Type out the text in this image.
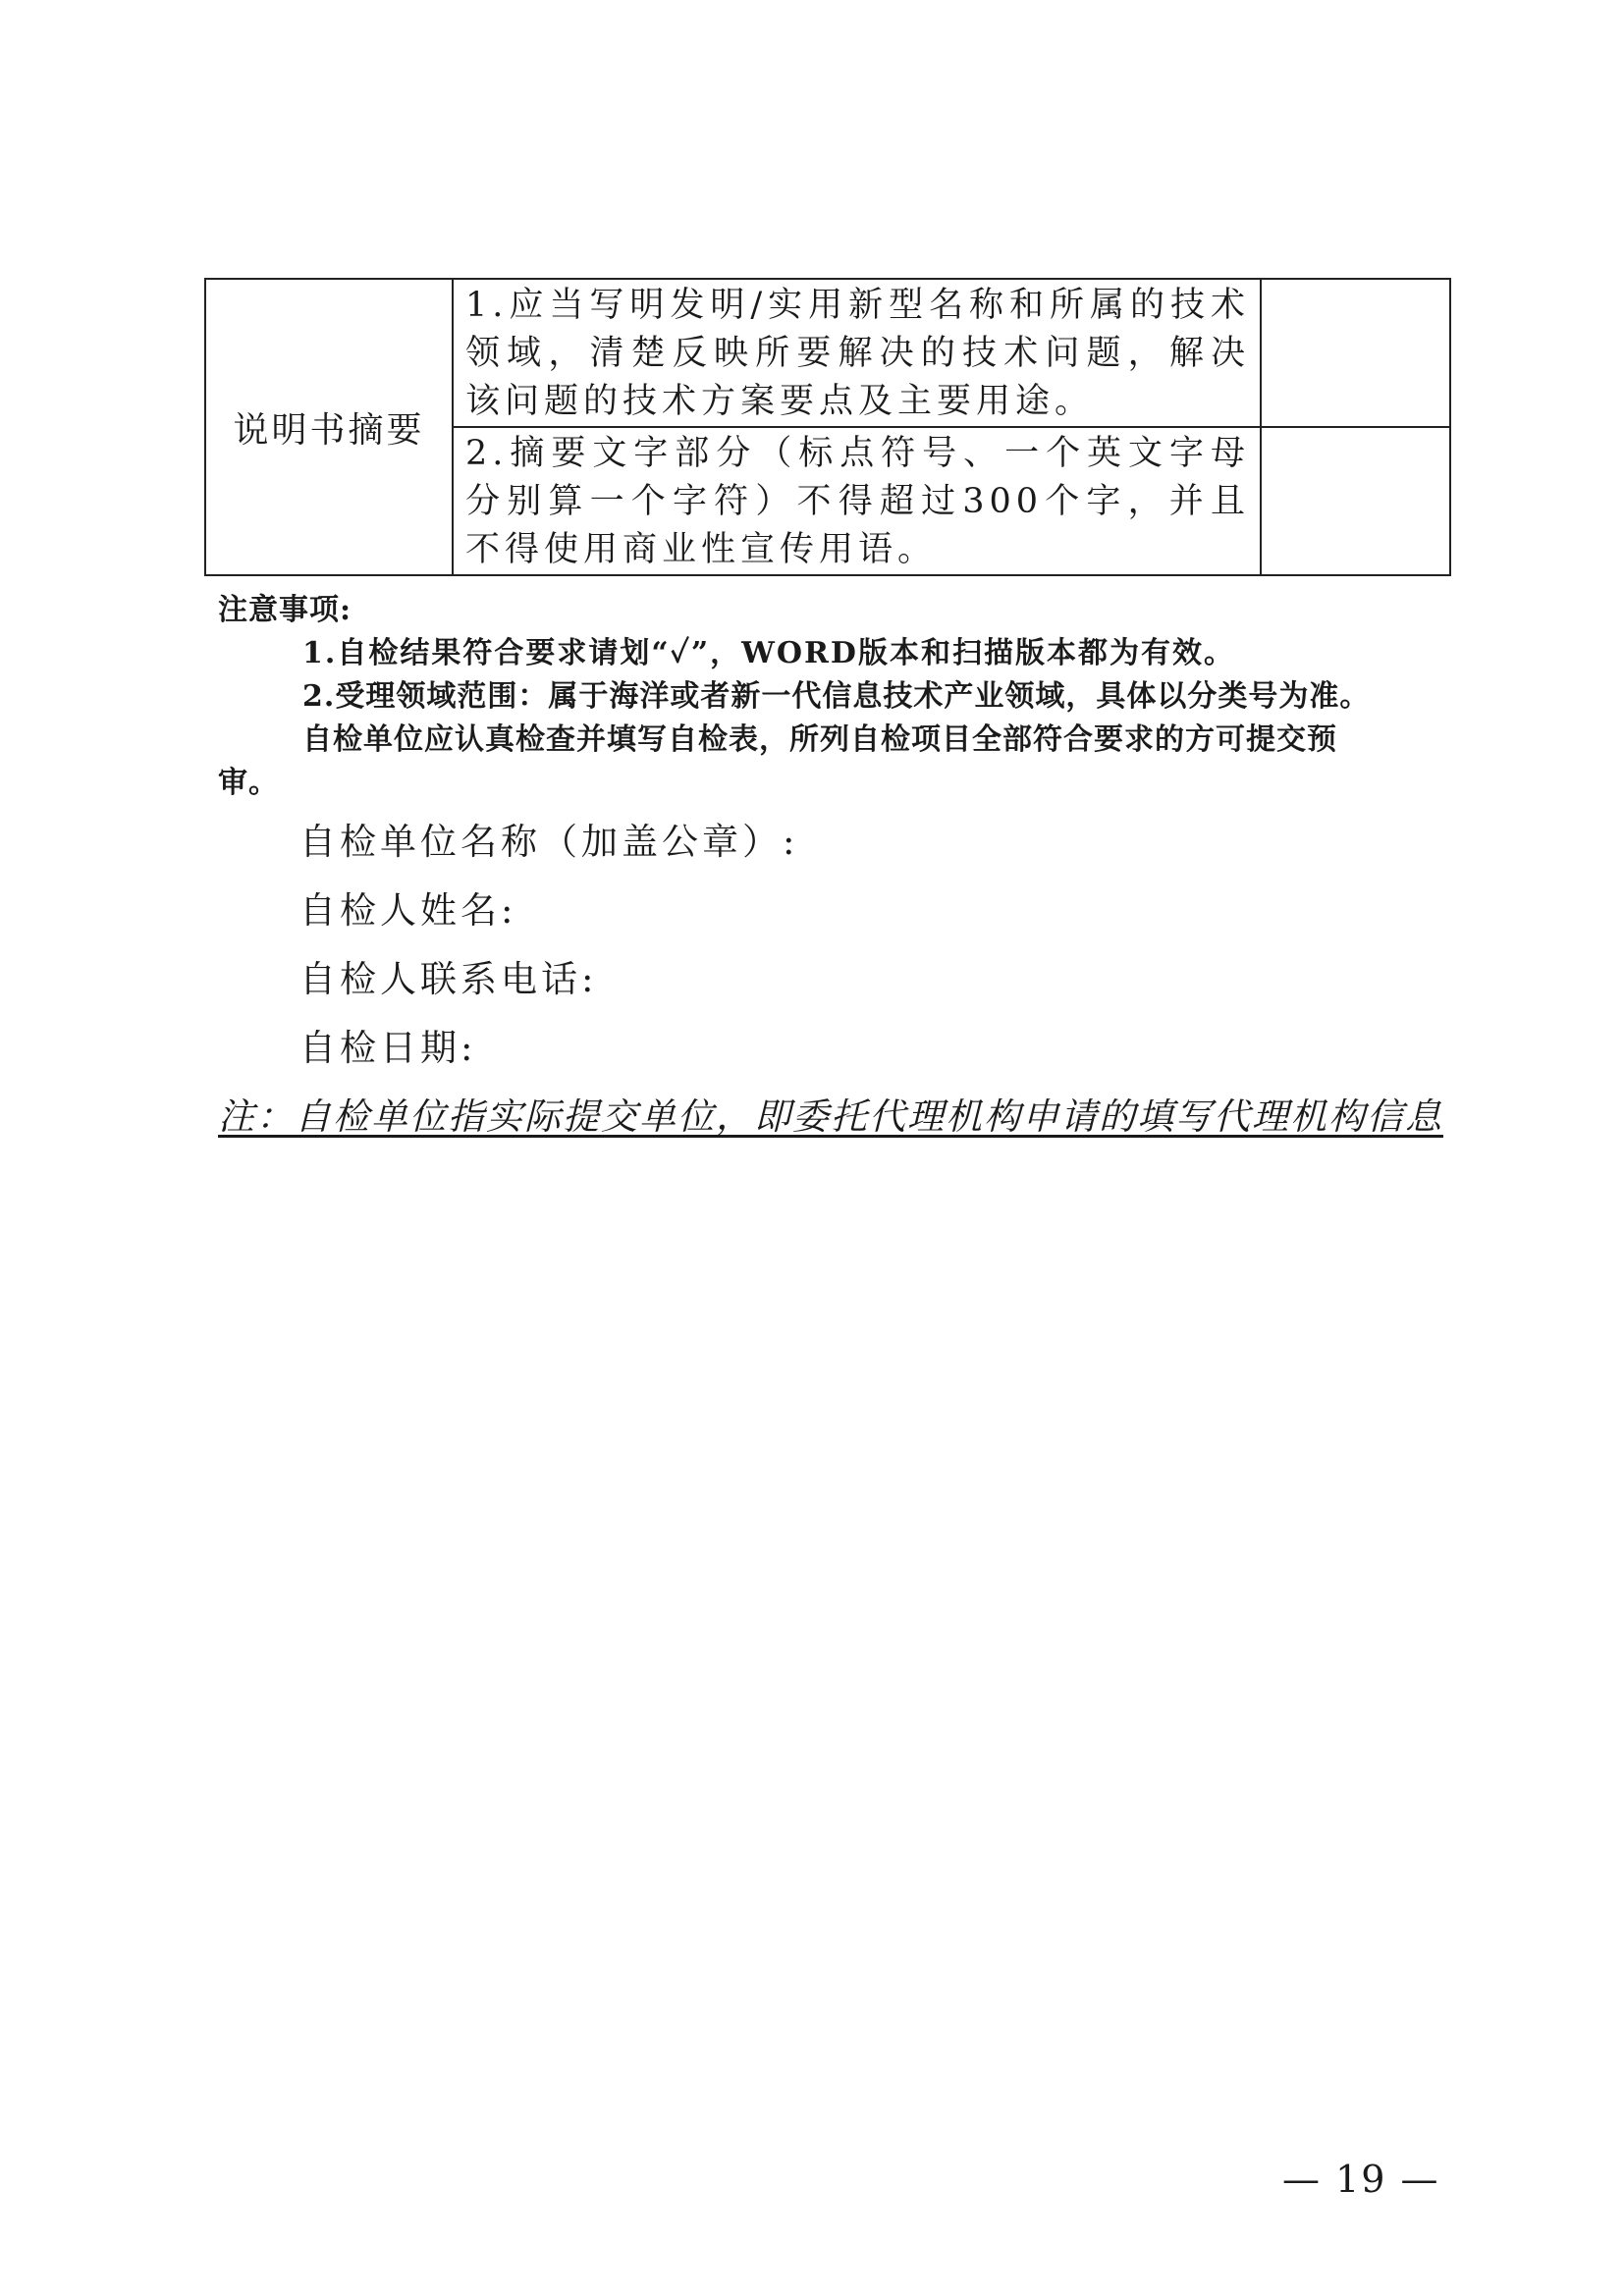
说明书摘要	1.应当写明发明/实用新型名称和所属的技术领域，清楚反映所要解决的技术问题，解决该问题的技术方案要点及主要用途。	

	2.摘要文字部分（标点符号、一个英文字母分别算一个字符）不得超过300个字，并且不得使用商业性宣传用语。	

注意事项:
1.自检结果符合要求请划“✓”，WORD版本和扫描版本都为有效。
2.受理领域范围：属于海洋或者新一代信息技术产业领域，具体以分类号为准。
自检单位应认真检查并填写自检表，所列自检项目全部符合要求的方可提交预
审。
自检单位名称（加盖公章）:
自检人姓名:
自检人联系电话:
自检日期:
注：自检单位指实际提交单位，即委托代理机构申请的填写代理机构信息
— 19 —
